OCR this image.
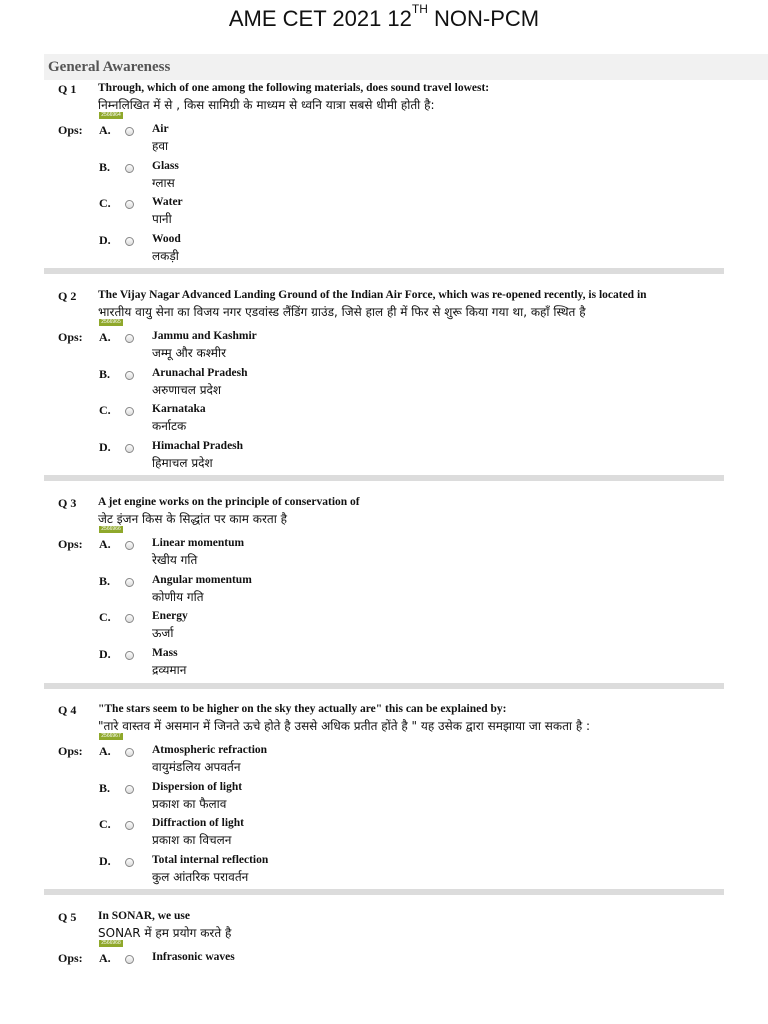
AME CET 2021 12TH NON-PCM
General Awareness
Q 1 Through, which of one among the following materials, does sound travel lowest:
निम्नलिखित में से , किस सामिग्री के माध्यम से ध्वनि यात्रा सबसे धीमी होती है:
2566964
Ops: A.	Air
हवा
B.	Glass
ग्लास
C.	Water
पानी
D.	Wood
लकड़ी
Q 2 The Vijay Nagar Advanced Landing Ground of the Indian Air Force, which was re-opened recently, is located in
भारतीय वायु सेना का विजय नगर एडवांस्ड लैंडिंग ग्राउंड, जिसे हाल ही में फिर से शुरू किया गया था, कहाँ स्थित है
2566965
Ops: A.	Jammu and Kashmir
जम्मू और कश्मीर
B.	Arunachal Pradesh
अरुणाचल प्रदेश
C.	Karnataka
कर्नाटक
D.	Himachal Pradesh
हिमाचल प्रदेश
Q 3 A jet engine works on the principle of conservation of
जेट इंजन किस के सिद्धांत पर काम करता है
2566966
Ops: A.	Linear momentum
रेखीय गति
B.	Angular momentum
कोणीय गति
C.	Energy
ऊर्जा
D.	Mass
द्रव्यमान
Q 4 "The stars seem to be higher on the sky they actually are" this can be explained by:
"तारे वास्तव में असमान में जिनते ऊचे होते है उससे अधिक प्रतीत होंते है " यह उसेक द्वारा समझाया जा सकता है :
2566967
Ops: A.	Atmospheric refraction
वायुमंडलिय अपवर्तन
B.	Dispersion of light
प्रकाश का फैलाव
C.	Diffraction of light
प्रकाश का विचलन
D.	Total internal reflection
कुल आंतरिक परावर्तन
Q 5 In SONAR, we use
SONAR में हम प्रयोग करते है
2566968
Ops: A.	Infrasonic waves
